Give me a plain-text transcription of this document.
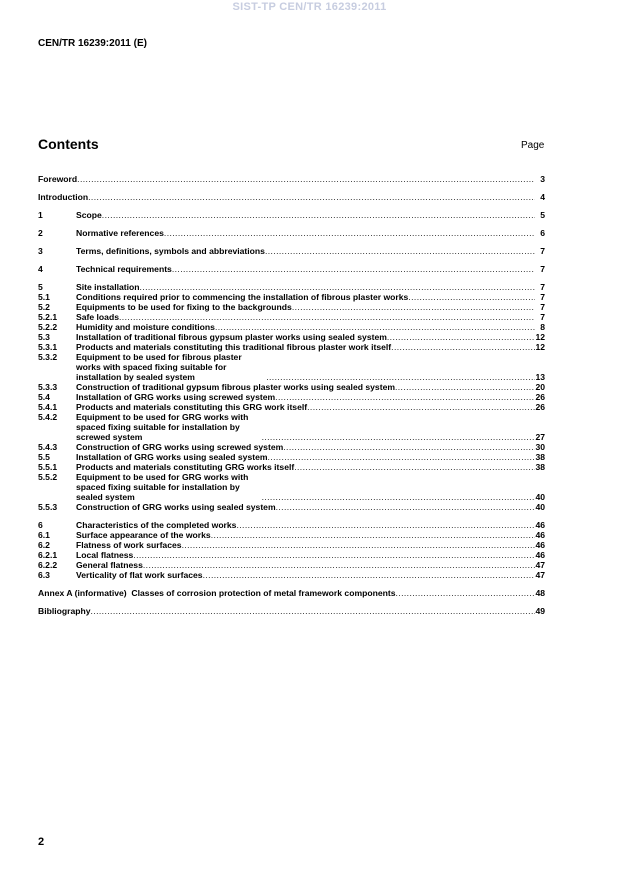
SIST-TP CEN/TR 16239:2011
CEN/TR 16239:2011 (E)
Contents	Page
Foreword .....	3
Introduction .....	4
1	Scope .....	5
2	Normative references .....	6
3	Terms, definitions, symbols and abbreviations .....	7
4	Technical requirements .....	7
5	Site installation .....	7
5.1	Conditions required prior to commencing the installation of fibrous plaster works .....	7
5.2	Equipments to be used for fixing to the backgrounds .....	7
5.2.1	Safe loads .....	7
5.2.2	Humidity and moisture conditions .....	8
5.3	Installation of traditional fibrous gypsum plaster works using sealed system .....	12
5.3.1	Products and materials constituting this traditional fibrous plaster work itself .....	12
5.3.2	Equipment to be used for fibrous plaster works with spaced fixing suitable for installation by sealed system .....	13
5.3.3	Construction of traditional gypsum fibrous plaster works using sealed system .....	20
5.4	Installation of GRG works using screwed system .....	26
5.4.1	Products and materials constituting this GRG work itself .....	26
5.4.2	Equipment to be used for GRG works with spaced fixing suitable for installation by screwed system .....	27
5.4.3	Construction of GRG works using screwed system .....	30
5.5	Installation of GRG works using sealed system .....	38
5.5.1	Products and materials constituting GRG works itself .....	38
5.5.2	Equipment to be used for GRG works with spaced fixing suitable for installation by sealed system .....	40
5.5.3	Construction of GRG works using sealed system .....	40
6	Characteristics of the completed works .....	46
6.1	Surface appearance of the works .....	46
6.2	Flatness of work surfaces .....	46
6.2.1	Local flatness .....	46
6.2.2	General flatness .....	47
6.3	Verticality of flat work surfaces .....	47
Annex A (informative)  Classes of corrosion protection of metal framework components .....	48
Bibliography .....	49
2
